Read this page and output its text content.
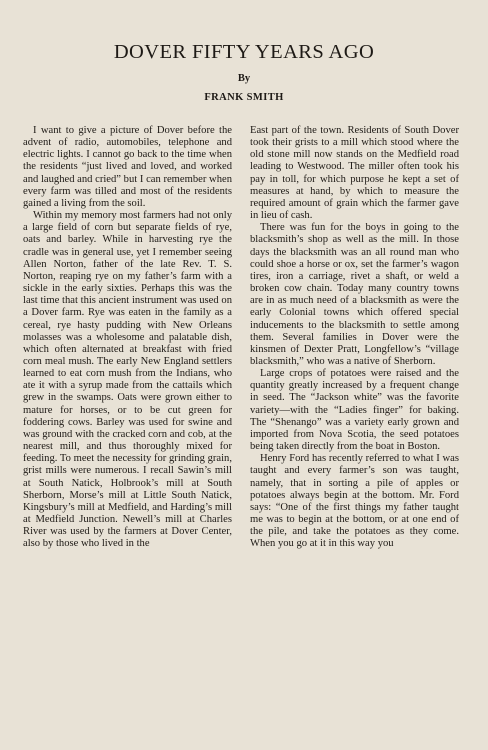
DOVER FIFTY YEARS AGO
By
FRANK SMITH

I want to give a picture of Dover before the advent of radio, automobiles, telephone and electric lights. I cannot go back to the time when the residents “just lived and loved, and worked and laughed and cried” but I can remember when every farm was tilled and most of the residents gained a living from the soil.

Within my memory most farmers had not only a large field of corn but separate fields of rye, oats and barley. While in harvesting rye the cradle was in general use, yet I remember seeing Allen Norton, father of the late Rev. T. S. Norton, reaping rye on my father’s farm with a sickle in the early sixties. Perhaps this was the last time that this ancient instrument was used on a Dover farm. Rye was eaten in the family as a cereal, rye hasty pudding with New Orleans molasses was a wholesome and palatable dish, which often alternated at breakfast with fried corn meal mush. The early New England settlers learned to eat corn mush from the Indians, who ate it with a syrup made from the cattails which grew in the swamps. Oats were grown either to mature for horses, or to be cut green for foddering cows. Barley was used for swine and was ground with the cracked corn and cob, at the nearest mill, and thus thoroughly mixed for feeding. To meet the necessity for grinding grain, grist mills were numerous. I recall Sawin’s mill at South Natick, Holbrook’s mill at South Sherborn, Morse’s mill at Little South Natick, Kingsbury’s mill at Medfield, and Harding’s mill at Medfield Junction. Newell’s mill at Charles River was used by the farmers at Dover Center, also by those who lived in the

East part of the town. Residents of South Dover took their grists to a mill which stood where the old stone mill now stands on the Medfield road leading to Westwood. The miller often took his pay in toll, for which purpose he kept a set of measures at hand, by which to measure the required amount of grain which the farmer gave in lieu of cash.

There was fun for the boys in going to the blacksmith’s shop as well as the mill. In those days the blacksmith was an all round man who could shoe a horse or ox, set the farmer’s wagon tires, iron a carriage, rivet a shaft, or weld a broken cow chain. Today many country towns are in as much need of a blacksmith as were the early Colonial towns which offered special inducements to the blacksmith to settle among them. Several families in Dover were the kinsmen of Dexter Pratt, Longfellow’s “village blacksmith,” who was a native of Sherborn.

Large crops of potatoes were raised and the quantity greatly increased by a frequent change in seed. The “Jackson white” was the favorite variety—with the “Ladies finger” for baking. The “Shenango” was a variety early grown and imported from Nova Scotia, the seed potatoes being taken directly from the boat in Boston.

Henry Ford has recently referred to what I was taught and every farmer’s son was taught, namely, that in sorting a pile of apples or potatoes always begin at the bottom. Mr. Ford says: “One of the first things my father taught me was to begin at the bottom, or at one end of the pile, and take the potatoes as they come. When you go at it in this way you
